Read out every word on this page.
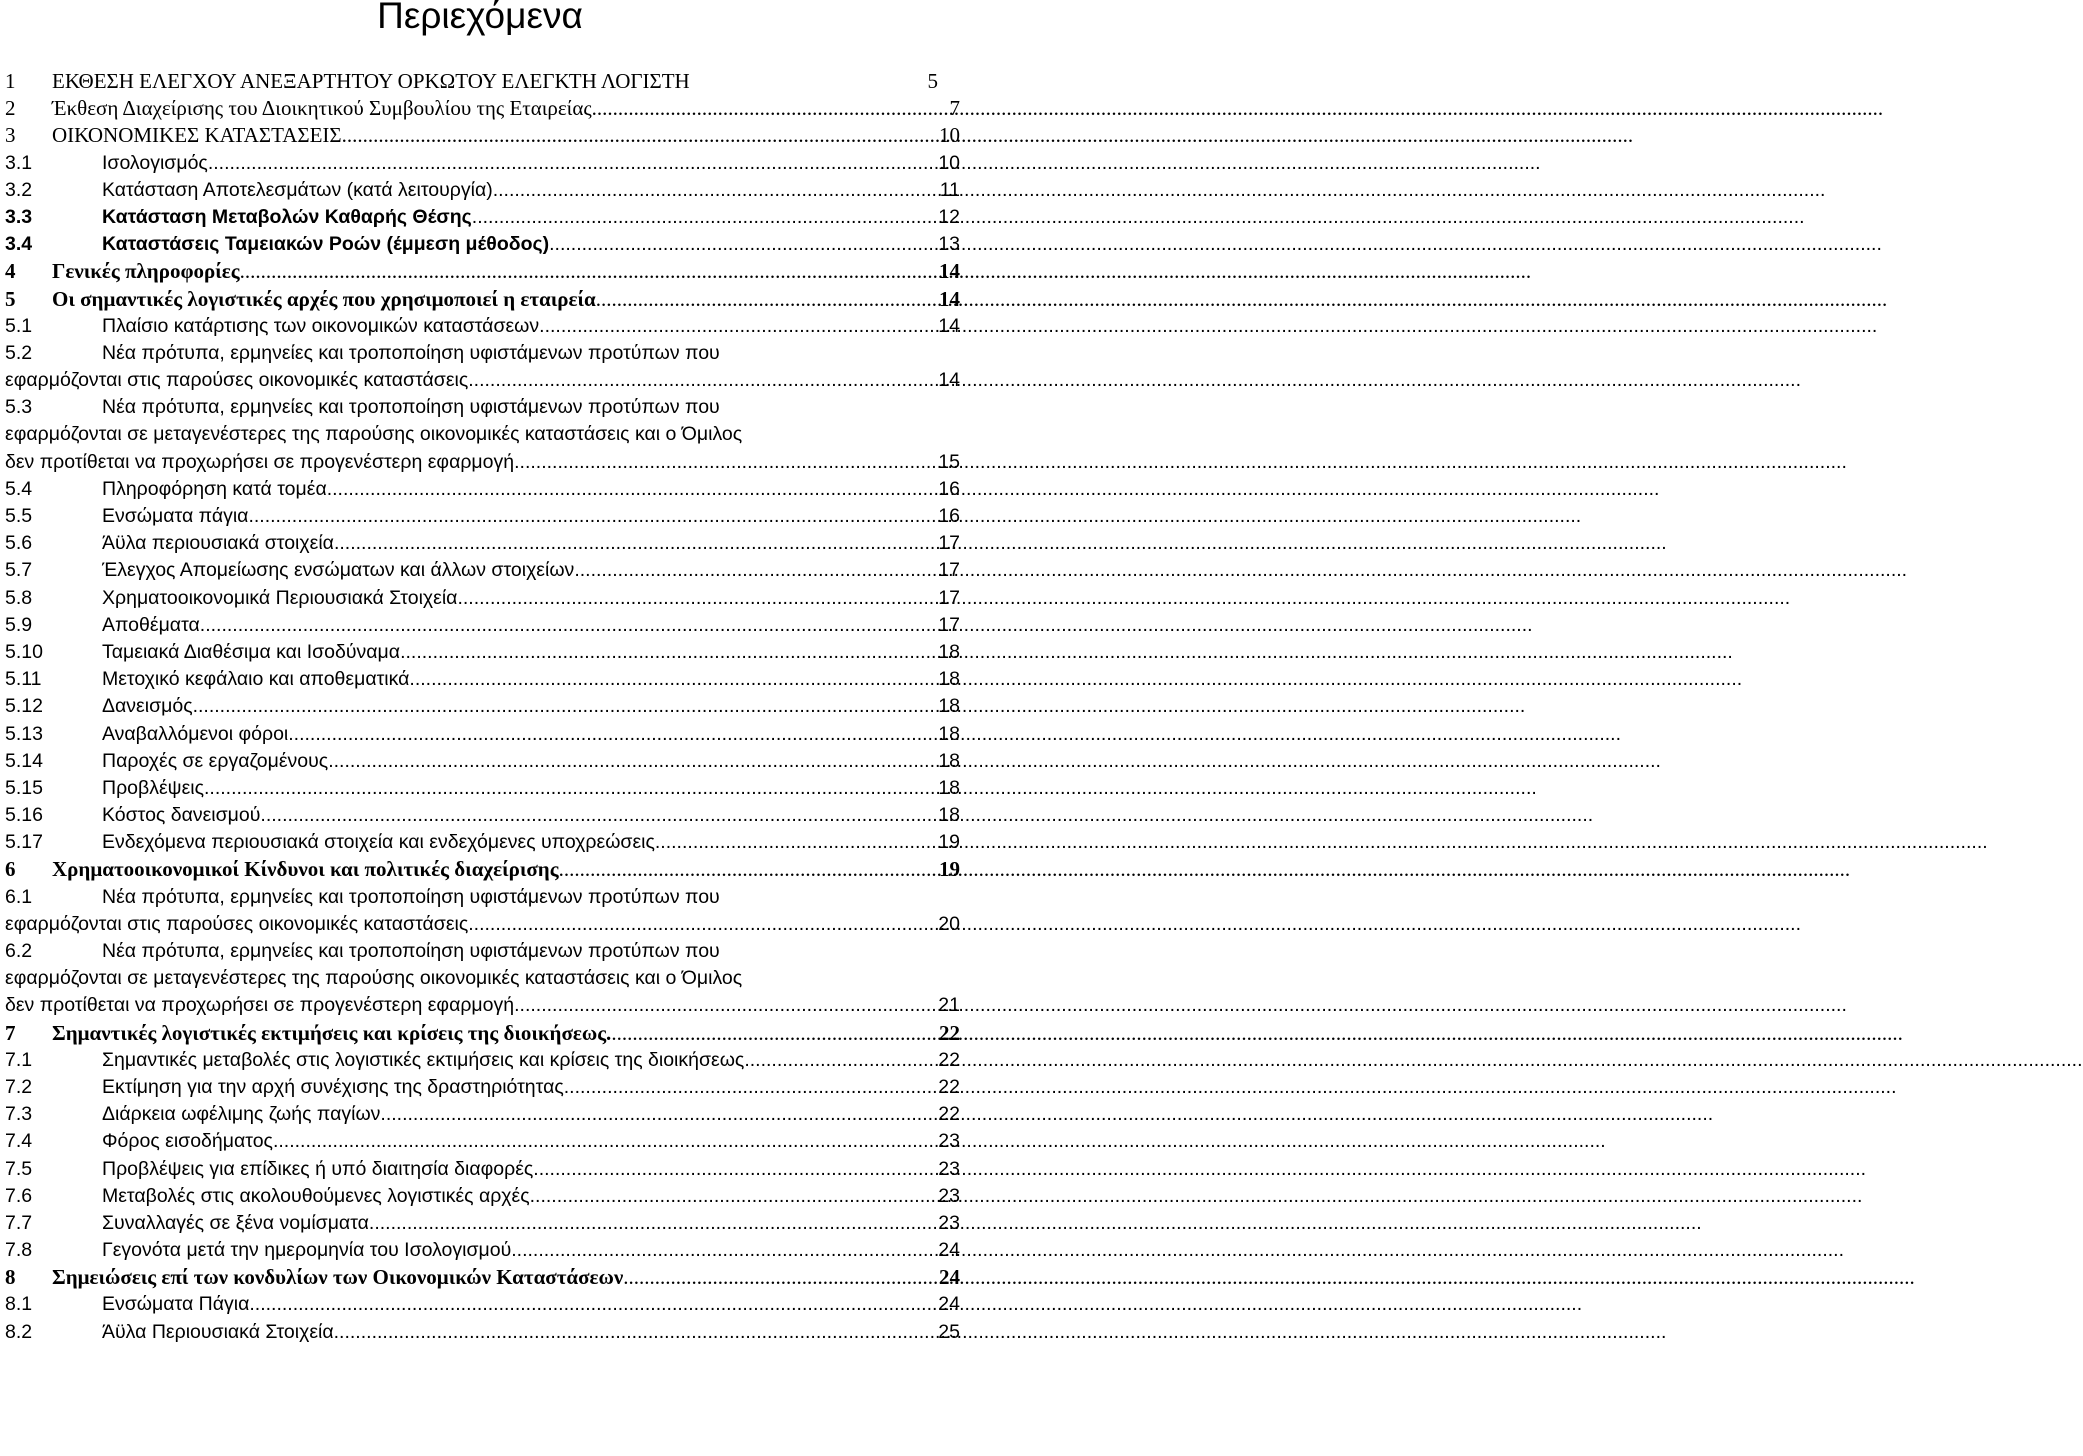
Περιεχόμενα
1 ΕΚΘΕΣΗ ΕΛΕΓΧΟΥ ΑΝΕΞΑΡΤΗΤΟΥ ΟΡΚΩΤΟΥ ΕΛΕΓΚΤΗ ΛΟΓΙΣΤΗ	5
2 Έκθεση Διαχείρισης του Διοικητικού Συμβουλίου της Εταιρείας .....	7
3 ΟΙΚΟΝΟΜΙΚΕΣ ΚΑΤΑΣΤΑΣΕΙΣ .....	10
3.1	Ισολογισμός .....	10
3.2	Κατάσταση Αποτελεσμάτων (κατά λειτουργία) .....	11
3.3	Κατάσταση Μεταβολών Καθαρής Θέσης .....	12
3.4	Καταστάσεις Ταμειακών Ροών (έμμεση μέθοδος) .....	13
4 Γενικές πληροφορίες .....	14
5 Οι σημαντικές λογιστικές αρχές που χρησιμοποιεί η εταιρεία .....	14
5.1	Πλαίσιο κατάρτισης των οικονομικών καταστάσεων. .....	14
5.2	Νέα πρότυπα, ερμηνείες και τροποποίηση υφιστάμενων προτύπων που
εφαρμόζονται στις παρούσες οικονομικές καταστάσεις .....	14
5.3	Νέα πρότυπα, ερμηνείες και τροποποίηση υφιστάμενων προτύπων που
εφαρμόζονται σε μεταγενέστερες της παρούσης οικονομικές καταστάσεις και ο Όμιλος
δεν προτίθεται να προχωρήσει σε προγενέστερη εφαρμογή .....	15
5.4	Πληροφόρηση κατά τομέα .....	16
5.5	Ενσώματα πάγια .....	16
5.6	Άϋλα περιουσιακά στοιχεία .....	17
5.7	Έλεγχος Απομείωσης ενσώματων και άλλων στοιχείων .....	17
5.8	Χρηματοοικονομικά Περιουσιακά Στοιχεία .....	17
5.9	Αποθέματα .....	17
5.10	Ταμειακά Διαθέσιμα και Ισοδύναμα .....	18
5.11	Μετοχικό κεφάλαιο και αποθεματικά .....	18
5.12	Δανεισμός .....	18
5.13	Αναβαλλόμενοι φόροι .....	18
5.14	Παροχές σε εργαζομένους .....	18
5.15	Προβλέψεις .....	18
5.16	Κόστος δανεισμού .....	18
5.17	Ενδεχόμενα περιουσιακά στοιχεία και ενδεχόμενες υποχρεώσεις .....	19
6 Χρηματοοικονομικοί Κίνδυνοι και πολιτικές διαχείρισης .....	19
6.1	Νέα πρότυπα, ερμηνείες και τροποποίηση υφιστάμενων προτύπων που
εφαρμόζονται στις παρούσες οικονομικές καταστάσεις .....	20
6.2	Νέα πρότυπα, ερμηνείες και τροποποίηση υφιστάμενων προτύπων που
εφαρμόζονται σε μεταγενέστερες της παρούσης οικονομικές καταστάσεις και ο Όμιλος
δεν προτίθεται να προχωρήσει σε προγενέστερη εφαρμογή .....	21
7 Σημαντικές λογιστικές εκτιμήσεις και κρίσεις της διοικήσεως. .....	22
7.1	Σημαντικές μεταβολές στις λογιστικές εκτιμήσεις και κρίσεις της διοικήσεως. .....	22
7.2	Εκτίμηση για την αρχή συνέχισης της δραστηριότητας .....	22
7.3	Διάρκεια ωφέλιμης ζωής παγίων .....	22
7.4	Φόρος εισοδήματος .....	23
7.5	Προβλέψεις για επίδικες ή υπό διαιτησία διαφορές .....	23
7.6	Μεταβολές στις ακολουθούμενες λογιστικές αρχές .....	23
7.7	Συναλλαγές σε ξένα νομίσματα .....	23
7.8	Γεγονότα μετά την ημερομηνία του Ισολογισμού .....	24
8 Σημειώσεις επί των κονδυλίων των Οικονομικών Καταστάσεων .....	24
8.1	Ενσώματα Πάγια .....	24
8.2	Άϋλα Περιουσιακά Στοιχεία .....	25
